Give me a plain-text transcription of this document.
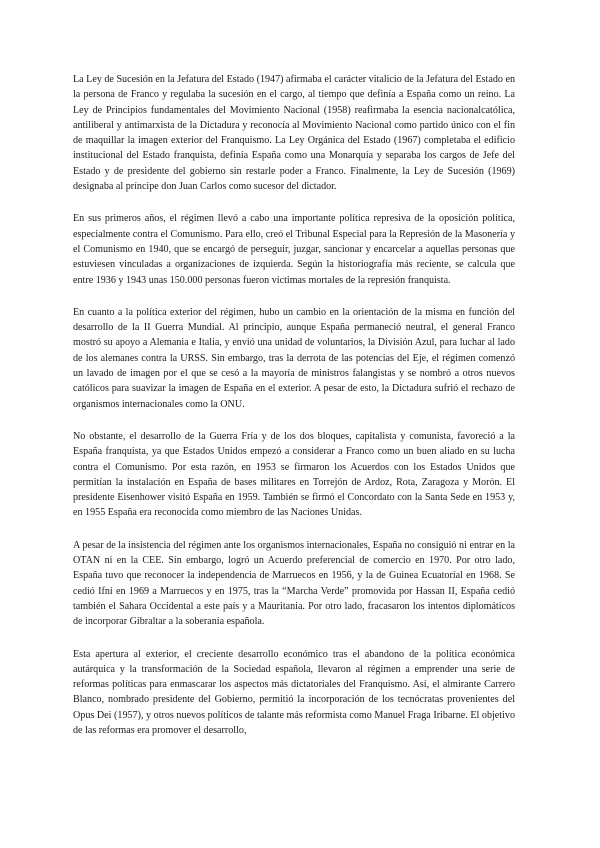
La Ley de Sucesión en la Jefatura del Estado (1947) afirmaba el carácter vitalicio de la Jefatura del Estado en la persona de Franco y regulaba la sucesión en el cargo, al tiempo que definía a España como un reino. La Ley de Principios fundamentales del Movimiento Nacional (1958) reafirmaba la esencia nacionalcatólica, antiliberal y antimarxista de la Dictadura y reconocía al Movimiento Nacional como partido único con el fin de maquillar la imagen exterior del Franquismo. La Ley Orgánica del Estado (1967) completaba el edificio institucional del Estado franquista, definía España como una Monarquía y separaba los cargos de Jefe del Estado y de presidente del gobierno sin restarle poder a Franco. Finalmente, la Ley de Sucesión (1969) designaba al príncipe don Juan Carlos como sucesor del dictador.

En sus primeros años, el régimen llevó a cabo una importante política represiva de la oposición política, especialmente contra el Comunismo. Para ello, creó el Tribunal Especial para la Represión de la Masonería y el Comunismo en 1940, que se encargó de perseguir, juzgar, sancionar y encarcelar a aquellas personas que estuviesen vinculadas a organizaciones de izquierda. Según la historiografía más reciente, se calcula que entre 1936 y 1943 unas 150.000 personas fueron víctimas mortales de la represión franquista.

En cuanto a la política exterior del régimen, hubo un cambio en la orientación de la misma en función del desarrollo de la II Guerra Mundial. Al principio, aunque España permaneció neutral, el general Franco mostró su apoyo a Alemania e Italia, y envió una unidad de voluntarios, la División Azul, para luchar al lado de los alemanes contra la URSS. Sin embargo, tras la derrota de las potencias del Eje, el régimen comenzó un lavado de imagen por el que se cesó a la mayoría de ministros falangistas y se nombró a otros nuevos católicos para suavizar la imagen de España en el exterior. A pesar de esto, la Dictadura sufrió el rechazo de organismos internacionales como la ONU.

No obstante, el desarrollo de la Guerra Fría y de los dos bloques, capitalista y comunista, favoreció a la España franquista, ya que Estados Unidos empezó a considerar a Franco como un buen aliado en su lucha contra el Comunismo. Por esta razón, en 1953 se firmaron los Acuerdos con los Estados Unidos que permitían la instalación en España de bases militares en Torrejón de Ardoz, Rota, Zaragoza y Morón. El presidente Eisenhower visitó España en 1959. También se firmó el Concordato con la Santa Sede en 1953 y, en 1955 España era reconocida como miembro de las Naciones Unidas.

A pesar de la insistencia del régimen ante los organismos internacionales, España no consiguió ni entrar en la OTAN ni en la CEE. Sin embargo, logró un Acuerdo preferencial de comercio en 1970. Por otro lado, España tuvo que reconocer la independencia de Marruecos en 1956, y la de Guinea Ecuatorial en 1968. Se cedió Ifni en 1969 a Marruecos y en 1975, tras la “Marcha Verde” promovida por Hassan II, España cedió también el Sahara Occidental a este país y a Mauritania. Por otro lado, fracasaron los intentos diplomáticos de incorporar Gibraltar a la soberanía española.

Esta apertura al exterior, el creciente desarrollo económico tras el abandono de la política económica autárquica y la transformación de la Sociedad española, llevaron al régimen a emprender una serie de reformas políticas para enmascarar los aspectos más dictatoriales del Franquismo. Así, el almirante Carrero Blanco, nombrado presidente del Gobierno, permitió la incorporación de los tecnócratas provenientes del Opus Dei (1957), y otros nuevos políticos de talante más reformista como Manuel Fraga Iribarne. El objetivo de las reformas era promover el desarrollo,
